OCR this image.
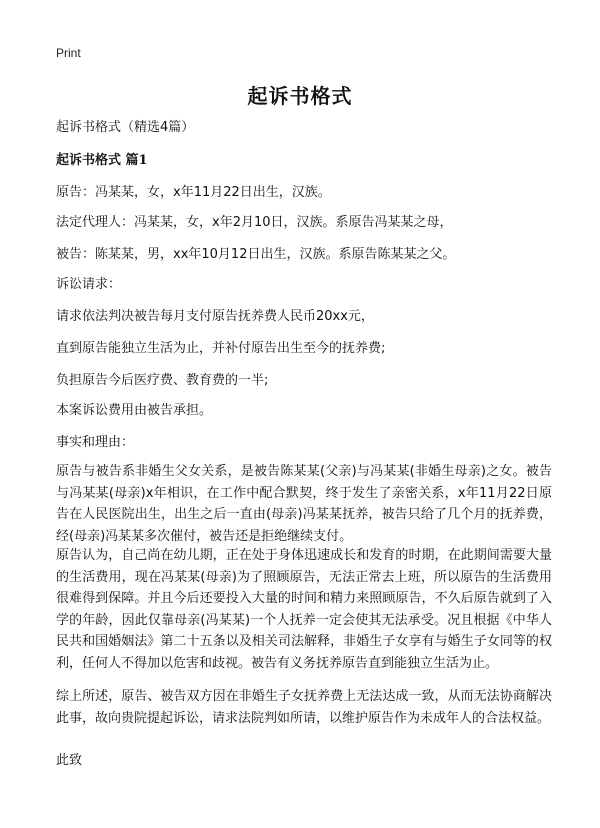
Print
起诉书格式

起诉书格式（精选4篇）

起诉书格式 篇1

原告：冯某某，女，x年11月22日出生，汉族。

法定代理人：冯某某，女，x年2月10日，汉族。系原告冯某某之母，

被告：陈某某，男，xx年10月12日出生，汉族。系原告陈某某之父。

诉讼请求：

请求依法判决被告每月支付原告抚养费人民币20xx元，

直到原告能独立生活为止，并补付原告出生至今的抚养费;

负担原告今后医疗费、教育费的一半;

本案诉讼费用由被告承担。

事实和理由：

原告与被告系非婚生父女关系，是被告陈某某(父亲)与冯某某(非婚生母亲)之女。被告与冯某某(母亲)x年相识，在工作中配合默契，终于发生了亲密关系，x年11月22日原告在人民医院出生，出生之后一直由(母亲)冯某某抚养，被告只给了几个月的抚养费，经(母亲)冯某某多次催付，被告还是拒绝继续支付。

原告认为，自己尚在幼儿期，正在处于身体迅速成长和发育的时期，在此期间需要大量的生活费用，现在冯某某(母亲)为了照顾原告，无法正常去上班，所以原告的生活费用很难得到保障。并且今后还要投入大量的时间和精力来照顾原告，不久后原告就到了入学的年龄，因此仅靠母亲(冯某某)一个人抚养一定会使其无法承受。况且根据《中华人民共和国婚姻法》第二十五条以及相关司法解释，非婚生子女享有与婚生子女同等的权利，任何人不得加以危害和歧视。被告有义务抚养原告直到能独立生活为止。

综上所述，原告、被告双方因在非婚生子女抚养费上无法达成一致，从而无法协商解决此事，故向贵院提起诉讼，请求法院判如所请，以维护原告作为未成年人的合法权益。

此致
